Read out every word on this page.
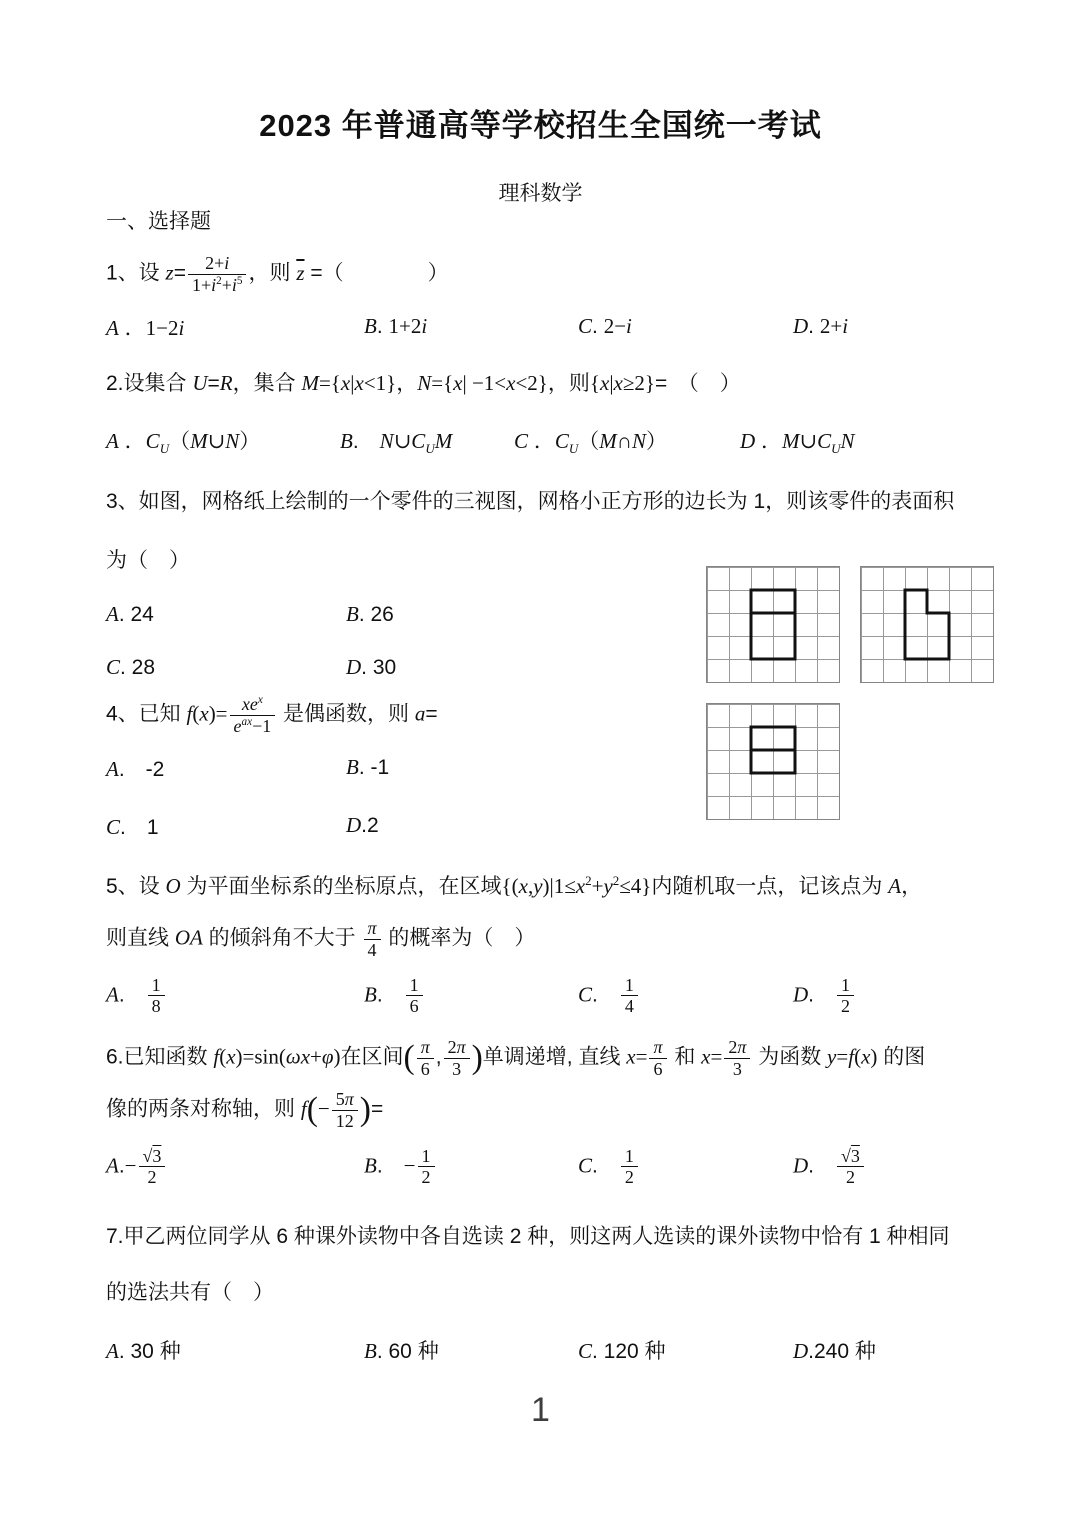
2023 年普通高等学校招生全国统一考试
理科数学

一、选择题

1、设 $z= \frac{2+i}{1+i^2+i^5}$ ，则 $\overline{z}$ =（　　　　）

A ．1−2i	B. 1+2i	C. 2−i	D. 2+i

2.设集合 U=R，集合 M={x|x<1}，N={x| −1<x<2}，则{x|x≥2}=　（　）

A ．$C_U(M\cup N)$	B.　$N\cup C_UM$	C ．$C_U(M\cap N)$	D ．$M\cup C_UN$

3、如图，网格纸上绘制的一个零件的三视图，网格小正方形的边长为 1，则该零件的表面积

为（　）

A. 24	B. 26
C. 28	D. 30

4、已知 $f(x)= xe^x$
$e^{ax}-1$ 是偶函数，则 a=

A.　-2	B. -1
C.　1	D.2

5、设 O 为平面坐标系的坐标原点，在区域$\{(x,y)|1\le x^2+y^2\le 4\}$内随机取一点，记该点为 A，

则直线 OA 的倾斜角不大于 $\frac{\pi}{4}$ 的概率为（　）

A.　 $\frac{1}{8}$	B.　 $\frac{1}{6}$	C.　 $\frac{1}{4}$	D.　 $\frac{1}{2}$

6.已知函数 f(x)=sin(ωx+φ)在区间( $\frac{\pi}{6}$ , $\frac{2\pi}{3}$ )单调递增, 直线 $x= \frac{\pi}{6}$ 和 $x= \frac{2\pi}{3}$ 为函数 y=f(x) 的图

像的两条对称轴，则 $f(- \frac{5\pi}{12}$ )=

$A.- \frac{√3}{2}$	B.　− $\frac{1}{2}$	C.　 $\frac{1}{2}$	D.　 $\frac{√3}{2}$

7.甲乙两位同学从 6 种课外读物中各自选读 2 种，则这两人选读的课外读物中恰有 1 种相同

的选法共有（　）

A. 30 种	B. 60 种	C. 120 种	D.240 种
1
